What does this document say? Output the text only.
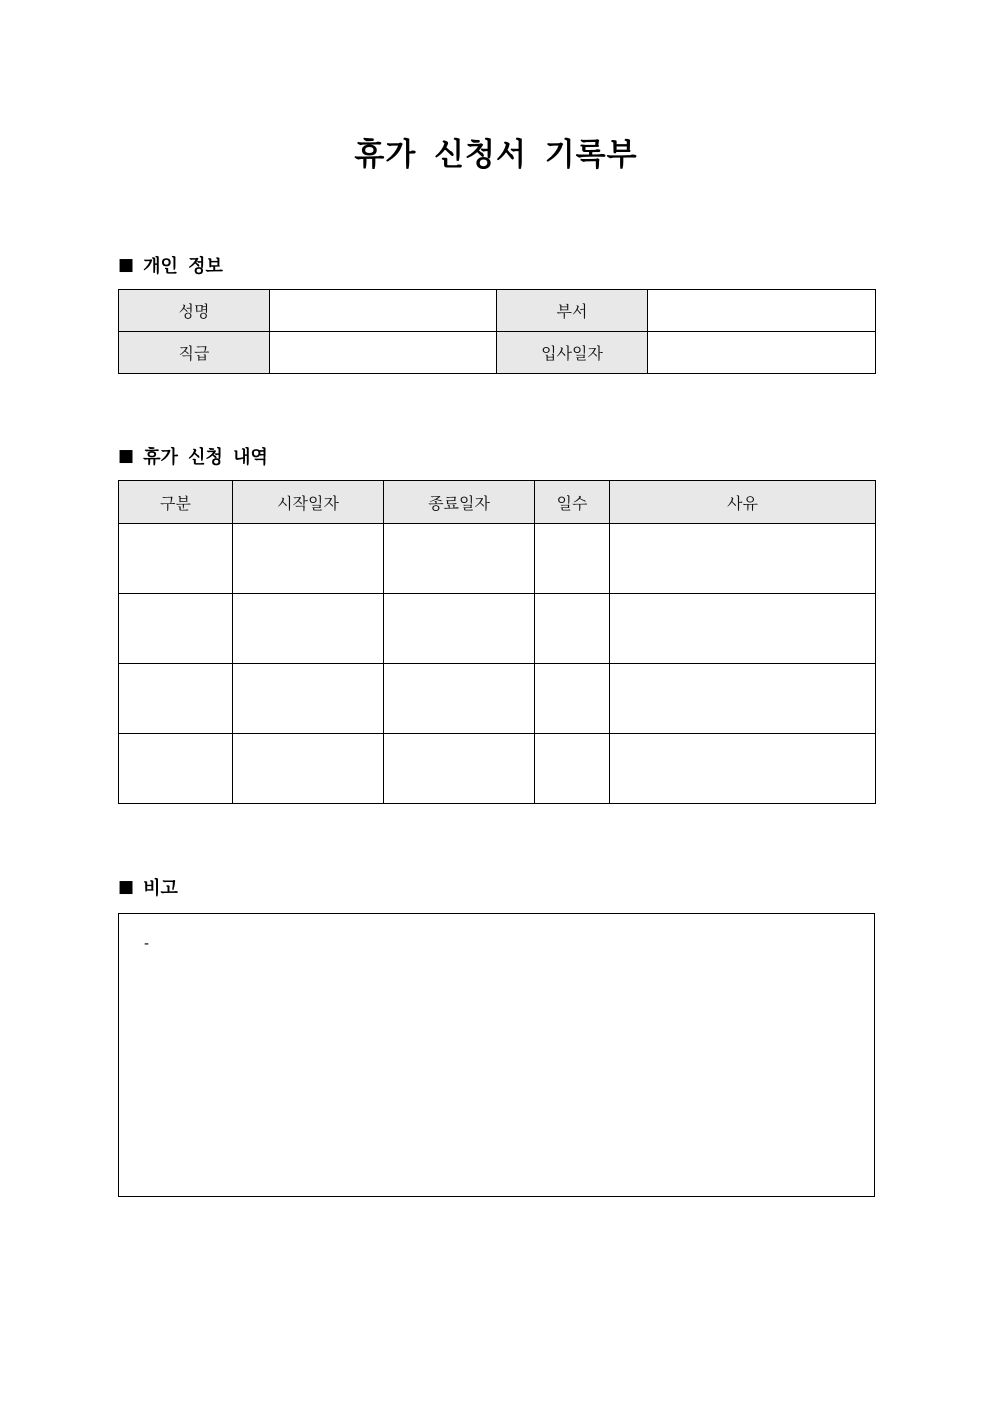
휴가 신청서 기록부
■ 개인 정보
성명		부서	
직급		입사일자	
■ 휴가 신청 내역
구분	시작일자	종료일자	일수	사유

■ 비고
-
